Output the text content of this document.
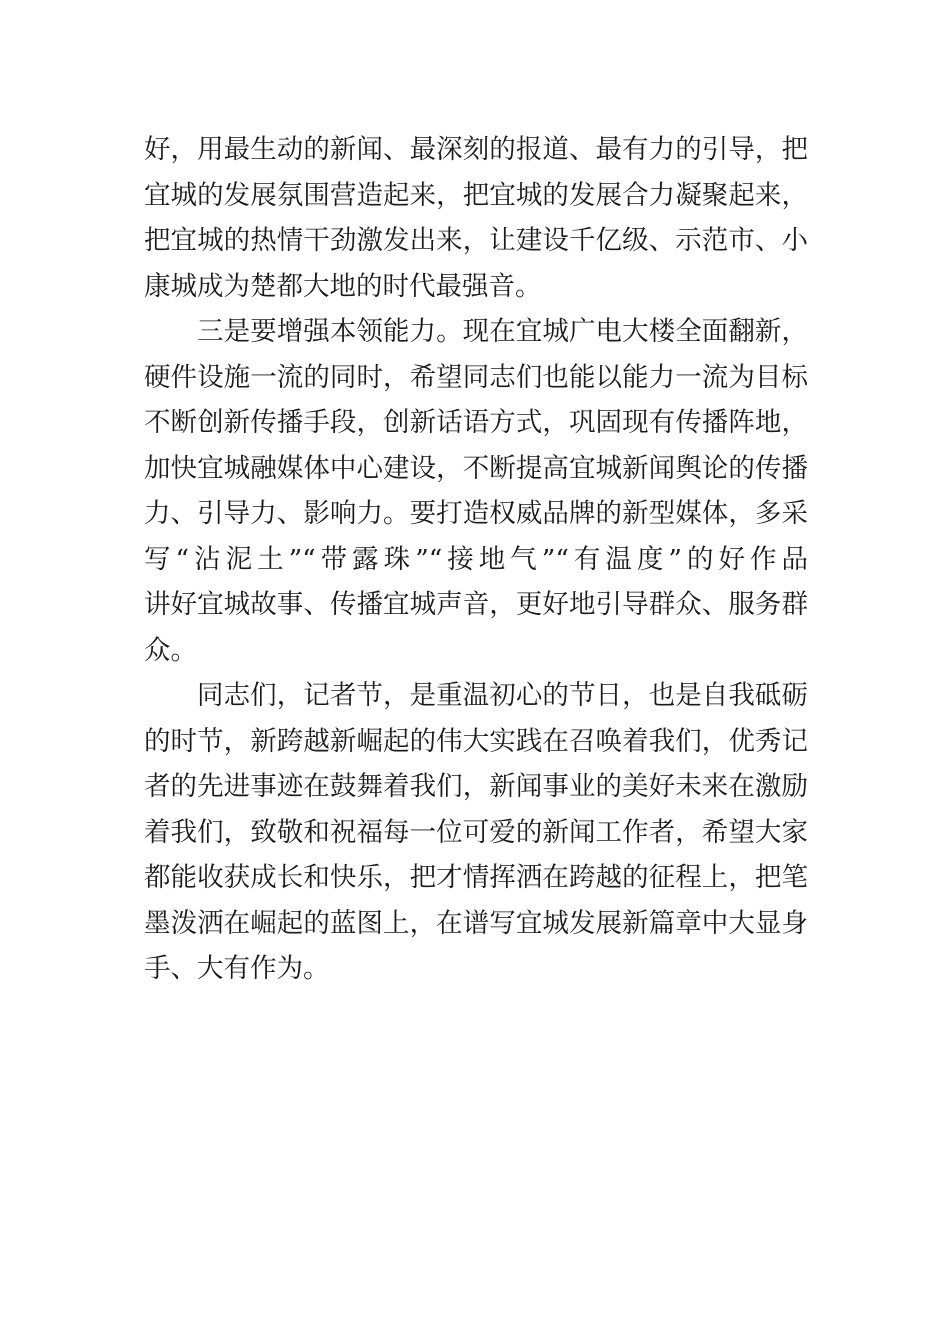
好，用最生动的新闻、最深刻的报道、最有力的引导，把
宜城的发展氛围营造起来，把宜城的发展合力凝聚起来，
把宜城的热情干劲激发出来，让建设千亿级、示范市、小
康城成为楚都大地的时代最强音。
三是要增强本领能力。现在宜城广电大楼全面翻新，
硬件设施一流的同时，希望同志们也能以能力一流为目标
不断创新传播手段，创新话语方式，巩固现有传播阵地，
加快宜城融媒体中心建设，不断提高宜城新闻舆论的传播
力、引导力、影响力。要打造权威品牌的新型媒体，多采
写“沾泥土”“带露珠”“接地气”“有温度”的好作品
讲好宜城故事、传播宜城声音，更好地引导群众、服务群
众。
同志们，记者节，是重温初心的节日，也是自我砥砺
的时节，新跨越新崛起的伟大实践在召唤着我们，优秀记
者的先进事迹在鼓舞着我们，新闻事业的美好未来在激励
着我们，致敬和祝福每一位可爱的新闻工作者，希望大家
都能收获成长和快乐，把才情挥洒在跨越的征程上，把笔
墨泼洒在崛起的蓝图上，在谱写宜城发展新篇章中大显身
手、大有作为。
